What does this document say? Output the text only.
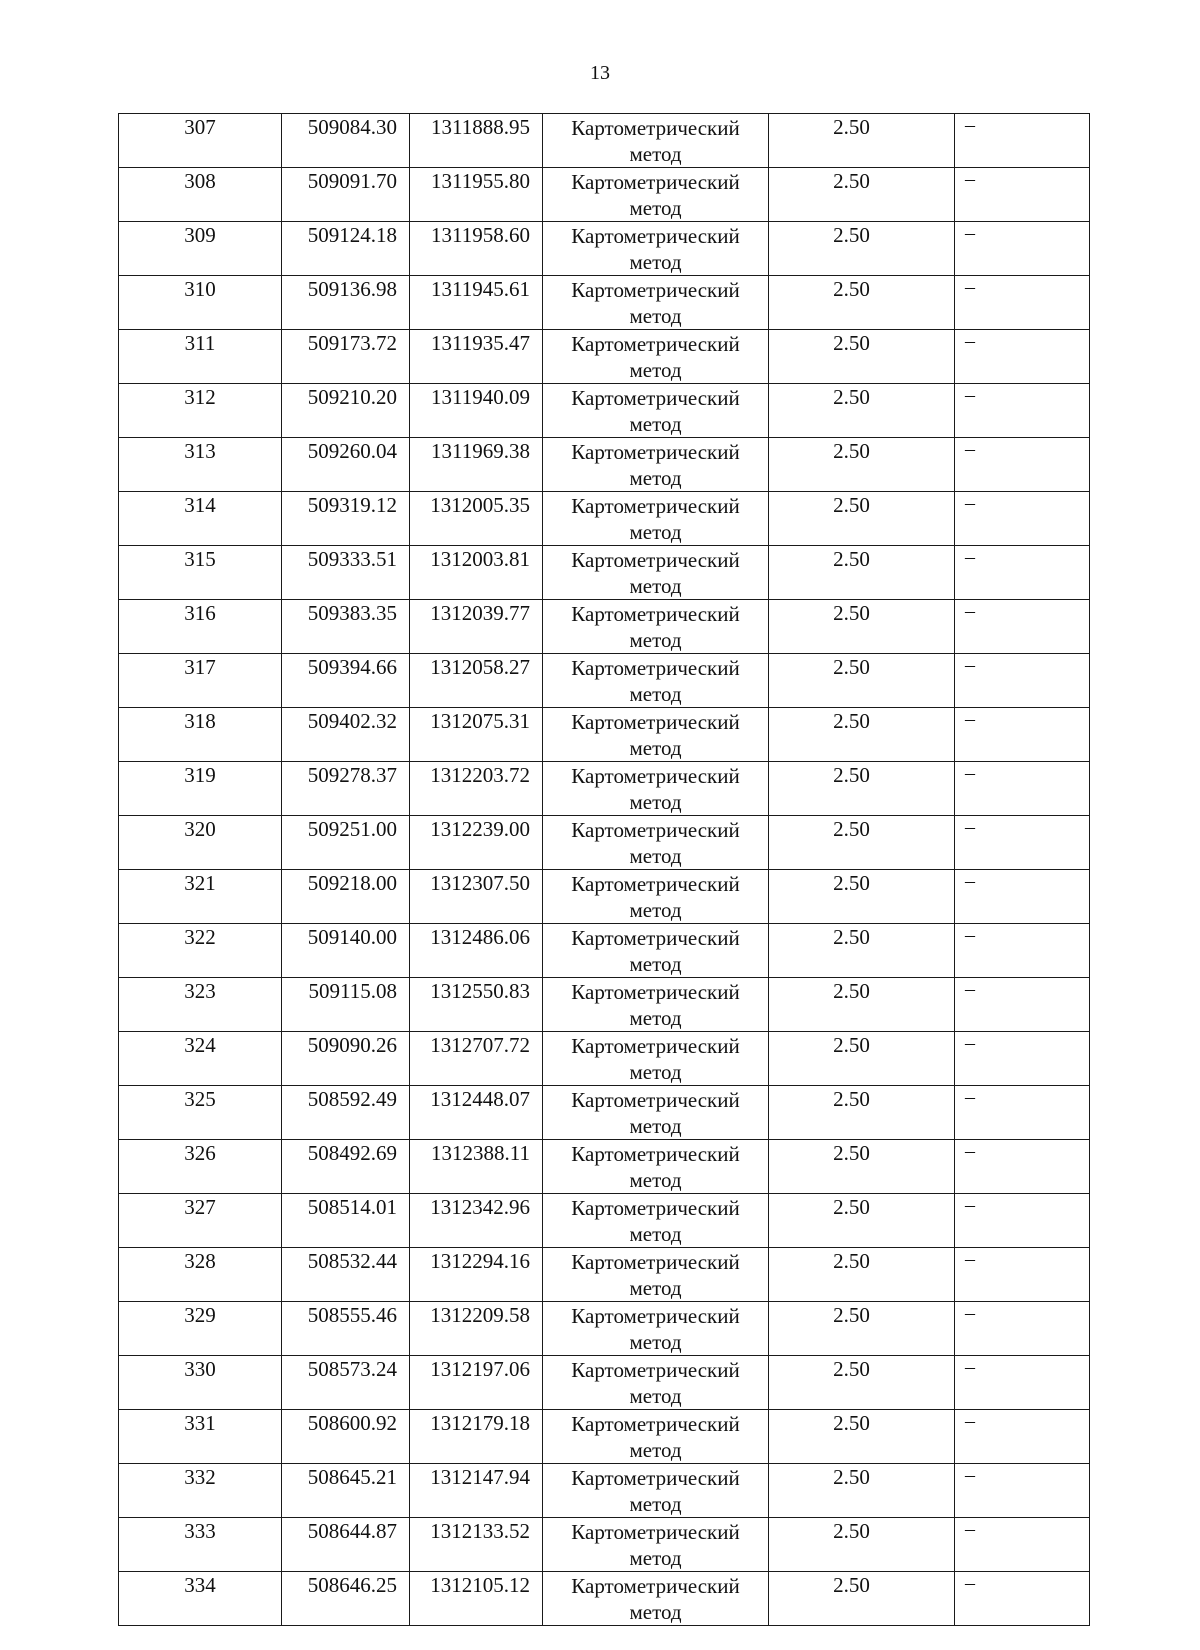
13
307	509084.30	1311888.95	Картометрический
метод	2.50	–
308	509091.70	1311955.80	Картометрический
метод	2.50	–
309	509124.18	1311958.60	Картометрический
метод	2.50	–
310	509136.98	1311945.61	Картометрический
метод	2.50	–
311	509173.72	1311935.47	Картометрический
метод	2.50	–
312	509210.20	1311940.09	Картометрический
метод	2.50	–
313	509260.04	1311969.38	Картометрический
метод	2.50	–
314	509319.12	1312005.35	Картометрический
метод	2.50	–
315	509333.51	1312003.81	Картометрический
метод	2.50	–
316	509383.35	1312039.77	Картометрический
метод	2.50	–
317	509394.66	1312058.27	Картометрический
метод	2.50	–
318	509402.32	1312075.31	Картометрический
метод	2.50	–
319	509278.37	1312203.72	Картометрический
метод	2.50	–
320	509251.00	1312239.00	Картометрический
метод	2.50	–
321	509218.00	1312307.50	Картометрический
метод	2.50	–
322	509140.00	1312486.06	Картометрический
метод	2.50	–
323	509115.08	1312550.83	Картометрический
метод	2.50	–
324	509090.26	1312707.72	Картометрический
метод	2.50	–
325	508592.49	1312448.07	Картометрический
метод	2.50	–
326	508492.69	1312388.11	Картометрический
метод	2.50	–
327	508514.01	1312342.96	Картометрический
метод	2.50	–
328	508532.44	1312294.16	Картометрический
метод	2.50	–
329	508555.46	1312209.58	Картометрический
метод	2.50	–
330	508573.24	1312197.06	Картометрический
метод	2.50	–
331	508600.92	1312179.18	Картометрический
метод	2.50	–
332	508645.21	1312147.94	Картометрический
метод	2.50	–
333	508644.87	1312133.52	Картометрический
метод	2.50	–
334	508646.25	1312105.12	Картометрический
метод	2.50	–
